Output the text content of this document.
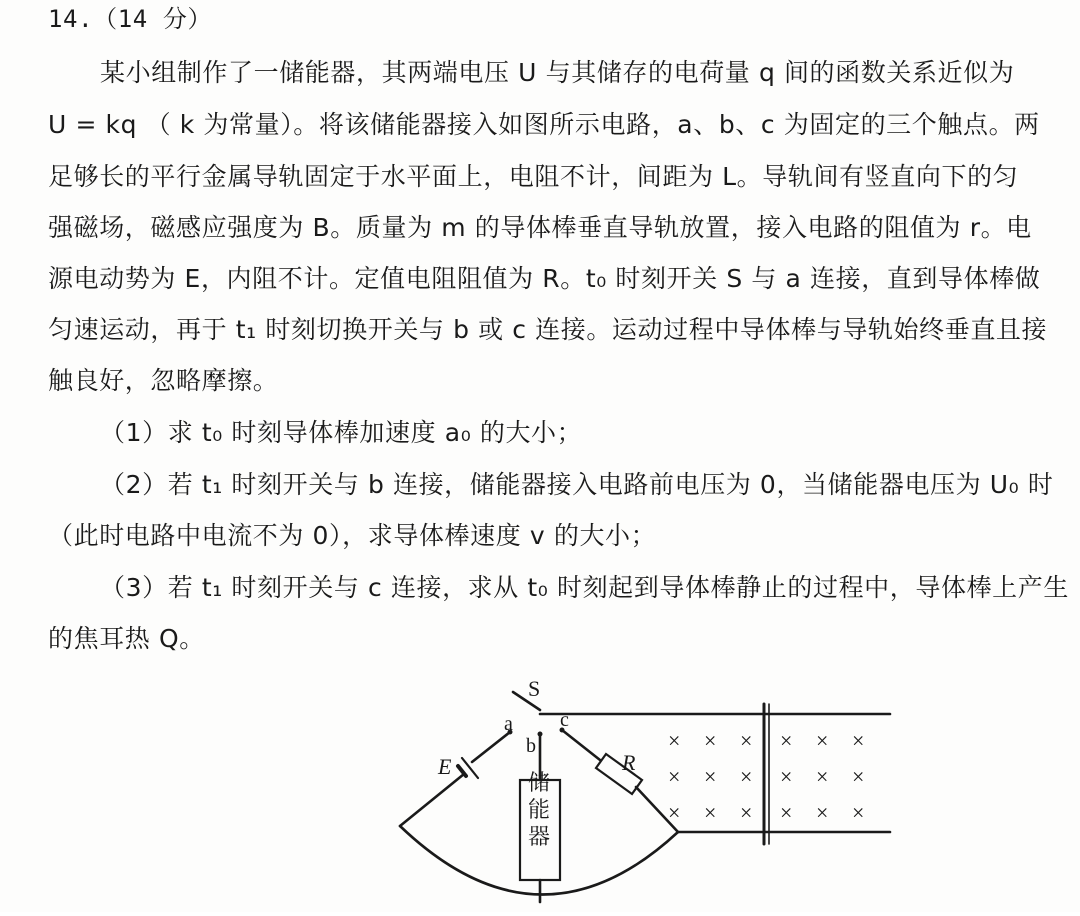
14.（14 分）
某小组制作了一储能器，其两端电压 U 与其储存的电荷量 q 间的函数关系近似为
U = kq （ k 为常量）。将该储能器接入如图所示电路，a、b、c 为固定的三个触点。两
足够长的平行金属导轨固定于水平面上，电阻不计，间距为 L。导轨间有竖直向下的匀
强磁场，磁感应强度为 B。质量为 m 的导体棒垂直导轨放置，接入电路的阻值为 r。电
源电动势为 E，内阻不计。定值电阻阻值为 R。t₀ 时刻开关 S 与 a 连接，直到导体棒做
匀速运动，再于 t₁ 时刻切换开关与 b 或 c 连接。运动过程中导体棒与导轨始终垂直且接
触良好，忽略摩擦。
（1）求 t₀ 时刻导体棒加速度 a₀ 的大小；
（2）若 t₁ 时刻开关与 b 连接，储能器接入电路前电压为 0，当储能器电压为 U₀ 时
（此时电路中电流不为 0），求导体棒速度 v 的大小；
（3）若 t₁ 时刻开关与 c 连接，求从 t₀ 时刻起到导体棒静止的过程中，导体棒上产生
的焦耳热 Q。
S
a
b
c
E	R
× × × × × ×
× × × × × ×
× × × × × ×
储
能
器
